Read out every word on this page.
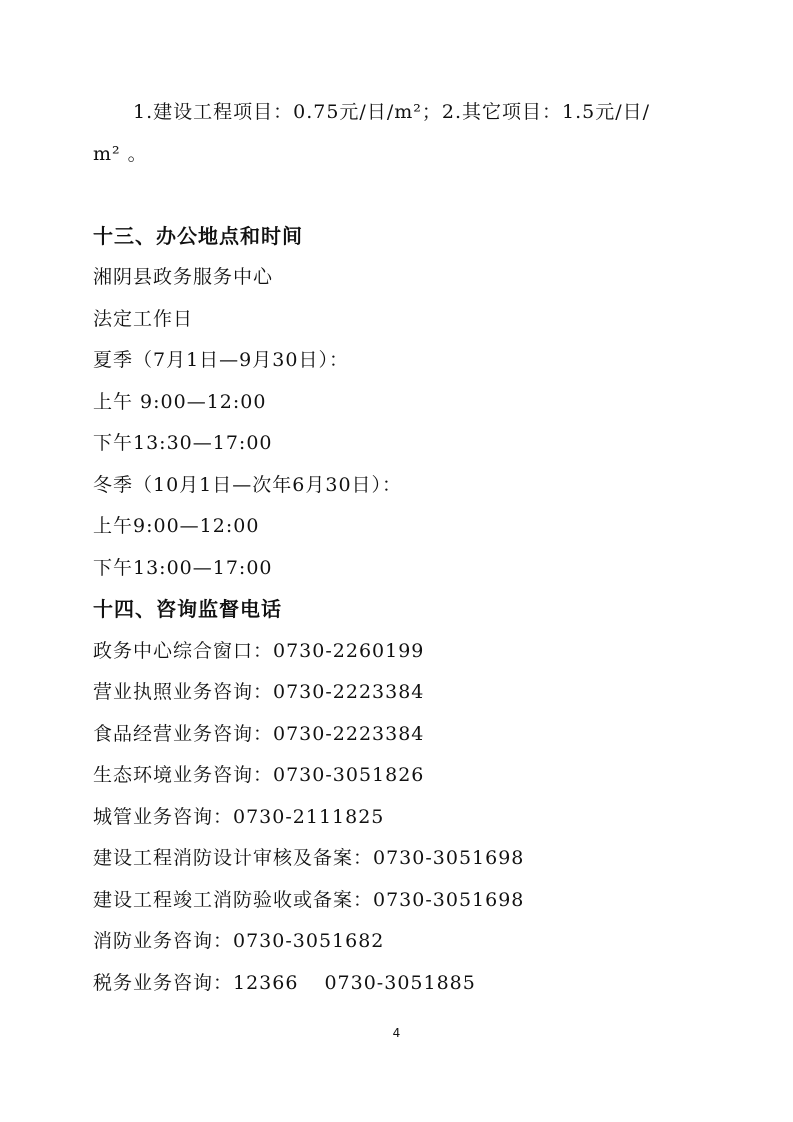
1.建设工程项目：0.75元/日/m²；2.其它项目：1.5元/日/
m² 。
十三、办公地点和时间
湘阴县政务服务中心
法定工作日
夏季（7月1日—9月30日）：
上午 9:00—12:00
下午13:30—17:00
冬季（10月1日—次年6月30日）：
上午9:00—12:00
下午13:00—17:00
十四、咨询监督电话
政务中心综合窗口：0730-2260199
营业执照业务咨询：0730-2223384
食品经营业务咨询：0730-2223384
生态环境业务咨询：0730-3051826
城管业务咨询：0730-2111825
建设工程消防设计审核及备案：0730-3051698
建设工程竣工消防验收或备案：0730-3051698
消防业务咨询：0730-3051682
税务业务咨询：12366 0730-3051885
4
